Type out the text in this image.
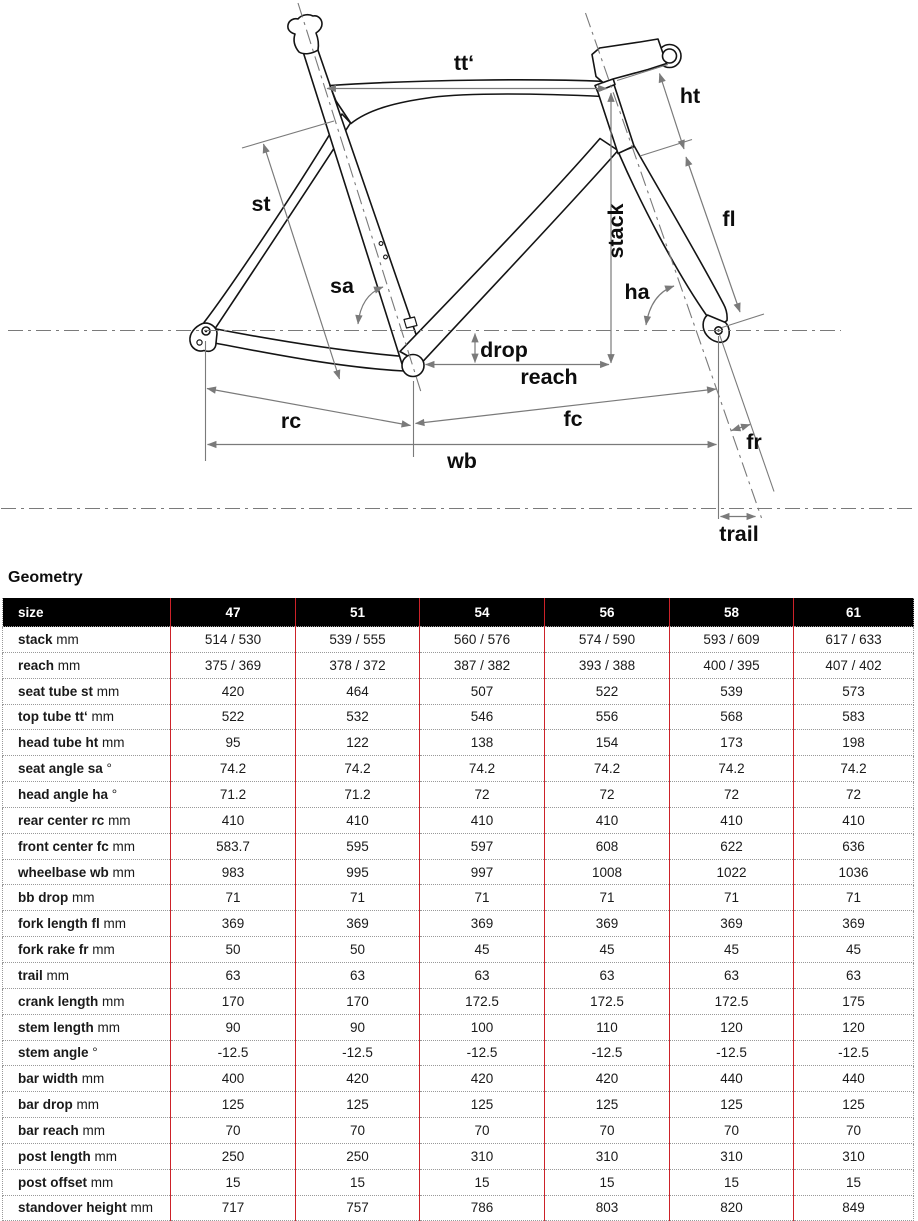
tt‘
ht
st
sa
stack
ha
fl
drop
reach
rc	fc
wb
fr
trail
Geometry
size	47	51	54	56	58	61
stack mm	514 / 530	539 / 555	560 / 576	574 / 590	593 / 609	617 / 633
reach mm	375 / 369	378 / 372	387 / 382	393 / 388	400 / 395	407 / 402
seat tube st mm	420	464	507	522	539	573
top tube tt‘ mm	522	532	546	556	568	583
head tube ht mm	95	122	138	154	173	198
seat angle sa °	74.2	74.2	74.2	74.2	74.2	74.2
head angle ha °	71.2	71.2	72	72	72	72
rear center rc mm	410	410	410	410	410	410
front center fc mm	583.7	595	597	608	622	636
wheelbase wb mm	983	995	997	1008	1022	1036
bb drop mm	71	71	71	71	71	71
fork length fl mm	369	369	369	369	369	369
fork rake fr mm	50	50	45	45	45	45
trail mm	63	63	63	63	63	63
crank length mm	170	170	172.5	172.5	172.5	175
stem length mm	90	90	100	110	120	120
stem angle °	-12.5	-12.5	-12.5	-12.5	-12.5	-12.5
bar width mm	400	420	420	420	440	440
bar drop mm	125	125	125	125	125	125
bar reach mm	70	70	70	70	70	70
post length mm	250	250	310	310	310	310
post offset mm	15	15	15	15	15	15
standover height mm	717	757	786	803	820	849
